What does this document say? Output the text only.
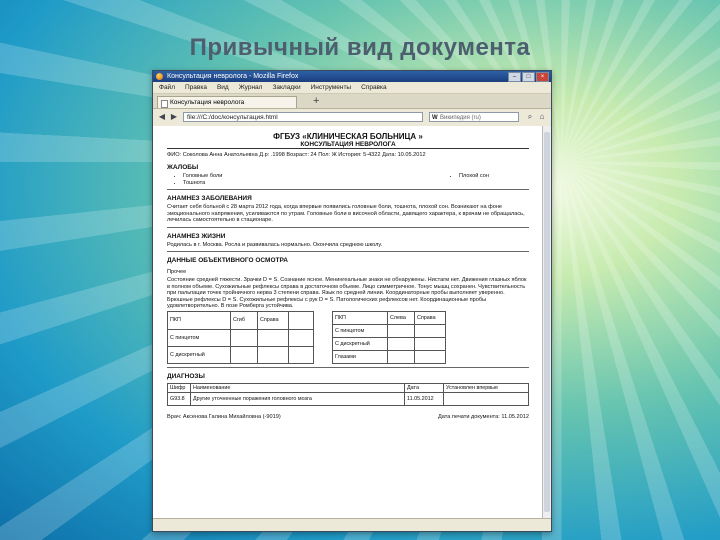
Привычный вид документа
Консультация невролога - Mozilla Firefox	–	□	×
Файл Правка Вид Журнал Закладки Инструменты Справка
Консультация невролога	+
◀ ▶	file:///C:/doc/консультация.html	W Википедия (ru)	⌕ ⌂
ФГБУЗ «КЛИНИЧЕСКАЯ БОЛЬНИЦА »
КОНСУЛЬТАЦИЯ НЕВРОЛОГА
ФИО: Соколова Анна Анатольевна Д.р: .1998 Возраст: 24 Пол: Ж История: 5-4322 Дата: 10.05.2012
ЖАЛОБЫ
• Головные боли
• Тошнота
• Плохой сон
АНАМНЕЗ ЗАБОЛЕВАНИЯ
Считает себя больной с 28 марта 2012 года, когда впервые появились головные боли, тошнота, плохой сон. Возникают на фоне эмоционального напряжения, усиливаются по утрам. Головные боли в височной области, давящего характера, к врачам не обращалась, лечилась самостоятельно в стационаре.
АНАМНЕЗ ЖИЗНИ
Родилась в г. Москва. Росла и развивалась нормально. Окончила среднюю школу.
ДАННЫЕ ОБЪЕКТИВНОГО ОСМОТРА
Прочее
Состояние средней тяжести. Зрачки D = S. Сознание ясное. Менингеальные знаки не обнаружены. Нистагм нет. Движения глазных яблок в полном объеме. Сухожильные рефлексы справа в достаточном объеме. Лицо симметричное. Тонус мышц сохранен. Чувствительность при пальпации точек тройничного нерва 3 степени справа. Язык по средней линии. Координаторные пробы выполняет уверенно. Брюшные рефлексы D = S. Сухожильные рефлексы с рук D = S. Патологических рефлексов нет. Координационные пробы удовлетворительно. В позе Ромберга устойчива.
ПКП	Сгиб	Справа	
С пинцетом			
С дискретный			
ПКП	Слева	Справа
С пинцетом		
С дискретный		
Глазами		
ДИАГНОЗЫ
Шифр	Наименование	Дата	Установлен впервые
G93.8	Другие уточненные поражения головного мозга	11.05.2012	
Врач: Аксенова Галина Михайловна (-9019)	Дата печати документа: 11.05.2012
